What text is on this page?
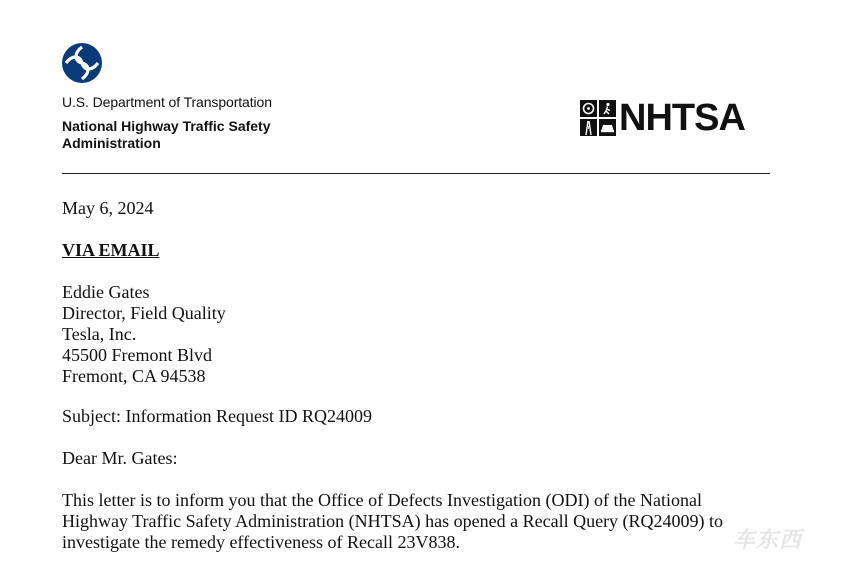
U.S. Department of Transportation
National Highway Traffic Safety
Administration
NHTSA
May 6, 2024
VIA EMAIL
Eddie Gates
Director, Field Quality
Tesla, Inc.
45500 Fremont Blvd
Fremont, CA 94538
Subject: Information Request ID RQ24009
Dear Mr. Gates:
This letter is to inform you that the Office of Defects Investigation (ODI) of the National
Highway Traffic Safety Administration (NHTSA) has opened a Recall Query (RQ24009) to
investigate the remedy effectiveness of Recall 23V838.	车东西
